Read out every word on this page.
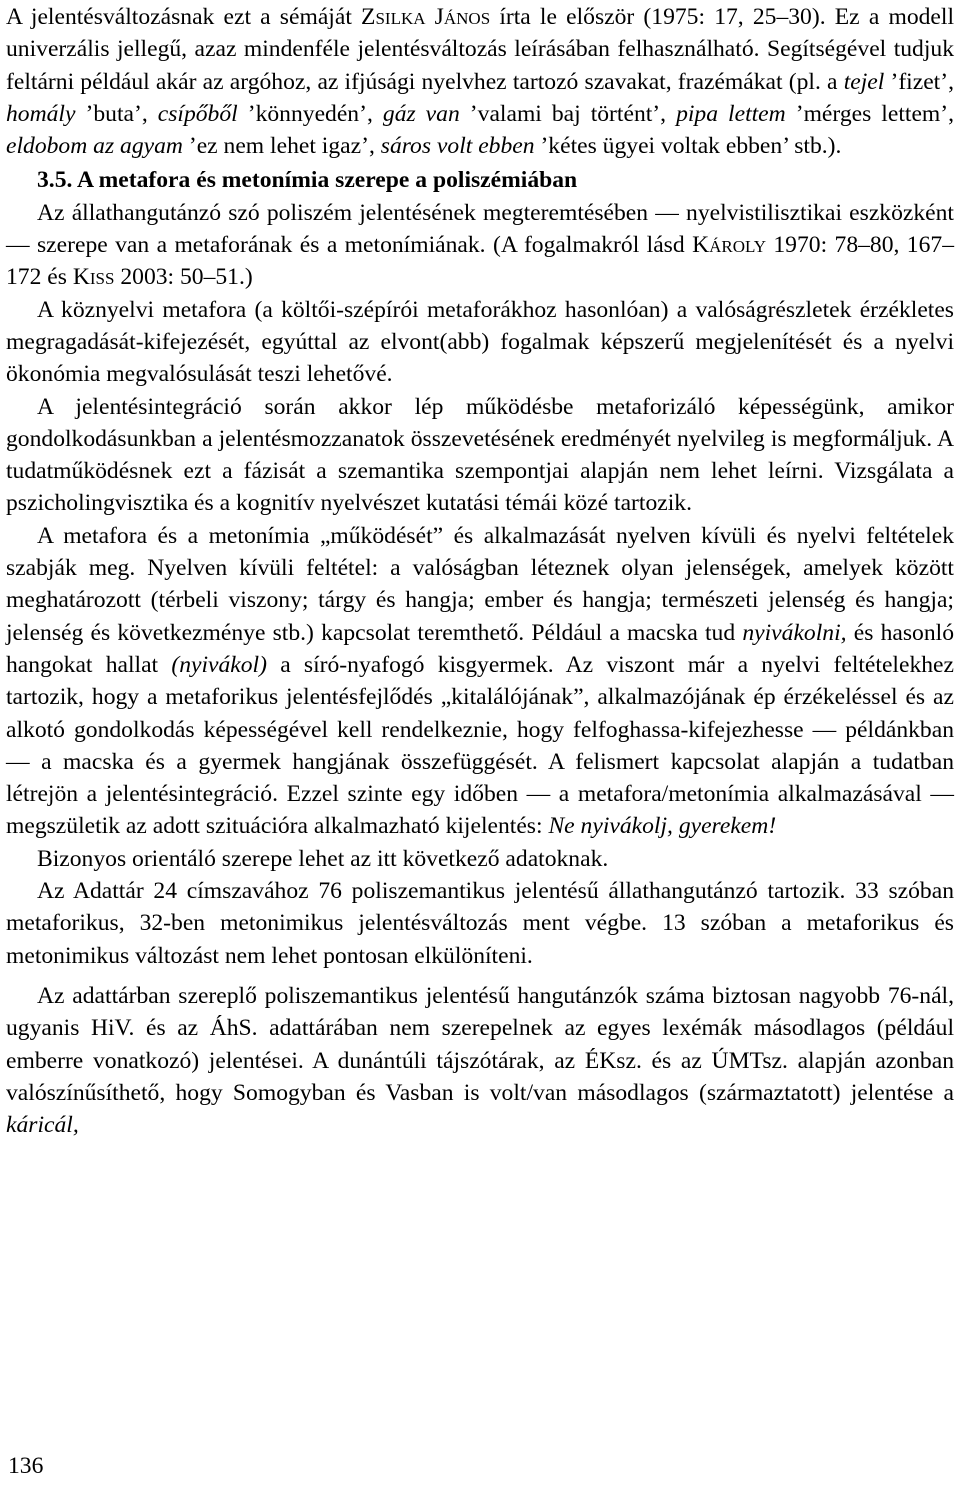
A jelentésváltozásnak ezt a sémáját Zsilka János írta le először (1975: 17, 25–30). Ez a modell univerzális jellegű, azaz mindenféle jelentésváltozás leírásában felhasználható. Segítségével tudjuk feltárni például akár az argóhoz, az ifjúsági nyelvhez tartozó szavakat, frazémákat (pl. a tejel ’fizet’, homály ’buta’, csípőből ’könnyedén’, gáz van ’valami baj történt’, pipa lettem ’mérges lettem’, eldobom az agyam ’ez nem lehet igaz’, sáros volt ebben ’kétes ügyei voltak ebben’ stb.).

3.5. A metafora és metonímia szerepe a poliszémiában

Az állathangutánzó szó poliszém jelentésének megteremtésében — nyelvistilisztikai eszközként — szerepe van a metaforának és a metonímiának. (A fogalmakról lásd Károly 1970: 78–80, 167–172 és Kiss 2003: 50–51.)

A köznyelvi metafora (a költői-szépírói metaforákhoz hasonlóan) a valóságrészletek érzékletes megragadását-kifejezését, egyúttal az elvont(abb) fogalmak képszerű megjelenítését és a nyelvi ökonómia megvalósulását teszi lehetővé.

A jelentésintegráció során akkor lép működésbe metaforizáló képességünk, amikor gondolkodásunkban a jelentésmozzanatok összevetésének eredményét nyelvileg is megformáljuk. A tudatműködésnek ezt a fázisát a szemantika szempontjai alapján nem lehet leírni. Vizsgálata a pszicholingvisztika és a kognitív nyelvészet kutatási témái közé tartozik.

A metafora és a metonímia „működését” és alkalmazását nyelven kívüli és nyelvi feltételek szabják meg. Nyelven kívüli feltétel: a valóságban léteznek olyan jelenségek, amelyek között meghatározott (térbeli viszony; tárgy és hangja; ember és hangja; természeti jelenség és hangja; jelenség és következménye stb.) kapcsolat teremthető. Például a macska tud nyivákolni, és hasonló hangokat hallat (nyivákol) a síró-nyafogó kisgyermek. Az viszont már a nyelvi feltételekhez tartozik, hogy a metaforikus jelentésfejlődés „kitalálójának”, alkalmazójának ép érzékeléssel és az alkotó gondolkodás képességével kell rendelkeznie, hogy felfoghassa-kifejezhesse — példánkban — a macska és a gyermek hangjának összefüggését. A felismert kapcsolat alapján a tudatban létrejön a jelentésintegráció. Ezzel szinte egy időben — a metafora/metonímia alkalmazásával — megszületik az adott szituációra alkalmazható kijelentés: Ne nyivákolj, gyerekem!

Bizonyos orientáló szerepe lehet az itt következő adatoknak.

Az Adattár 24 címszavához 76 poliszemantikus jelentésű állathangutánzó tartozik. 33 szóban metaforikus, 32-ben metonimikus jelentésváltozás ment végbe. 13 szóban a metaforikus és metonimikus változást nem lehet pontosan elkülöníteni.

Az adattárban szereplő poliszemantikus jelentésű hangutánzók száma biztosan nagyobb 76-nál, ugyanis HiV. és az ÁhS. adattárában nem szerepelnek az egyes lexémák másodlagos (például emberre vonatkozó) jelentései. A dunántúli tájszótárak, az ÉKsz. és az ÚMTsz. alapján azonban valószínűsíthető, hogy Somogyban és Vasban is volt/van másodlagos (származtatott) jelentése a káricál,

136
